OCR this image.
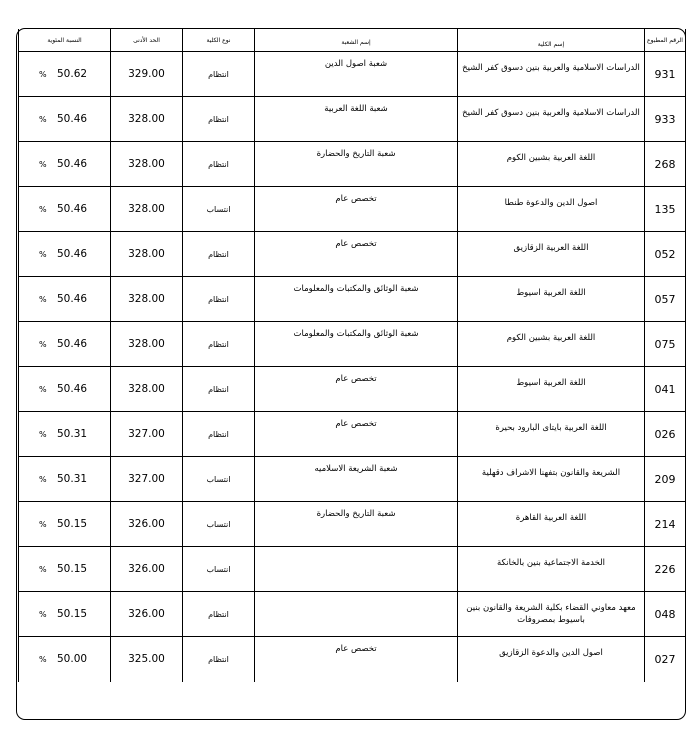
الرقم المطبوع	إسم الكلية	إسم الشعبة	نوع الكلية	الحد الأدنى	النسبة المئوية
931	الدراسات الاسلامية والعربية بنين دسوق كفر الشيخ	شعبة اصول الدين	انتظام	329.00	% 50.62
933	الدراسات الاسلامية والعربية بنين دسوق كفر الشيخ	شعبة اللغة العربية	انتظام	328.00	% 50.46
268	اللغة العربية بشبين الكوم	شعبة التاريخ والحضارة	انتظام	328.00	% 50.46
135	اصول الدين والدعوة طنطا	تخصص عام	انتساب	328.00	% 50.46
052	اللغة العربية الزقازيق	تخصص عام	انتظام	328.00	% 50.46
057	اللغة العربية اسيوط	شعبة الوثائق والمكتبات والمعلومات	انتظام	328.00	% 50.46
075	اللغة العربية بشبين الكوم	شعبة الوثائق والمكتبات والمعلومات	انتظام	328.00	% 50.46
041	اللغة العربية اسيوط	تخصص عام	انتظام	328.00	% 50.46
026	اللغة العربية بايتاى البارود بحيرة	تخصص عام	انتظام	327.00	% 50.31
209	الشريعة والقانون بتفهنا الاشراف دقهلية	شعبة الشريعة الاسلاميه	انتساب	327.00	% 50.31
214	اللغة العربية القاهرة	شعبة التاريخ والحضارة	انتساب	326.00	% 50.15
226	الخدمة الاجتماعية بنين بالخانكة		انتساب	326.00	% 50.15
048	معهد معاوني القضاء بكلية الشريعة والقانون بنين باسيوط بمصروفات		انتظام	326.00	% 50.15
027	اصول الدين والدعوة الزقازيق	تخصص عام	انتظام	325.00	% 50.00
